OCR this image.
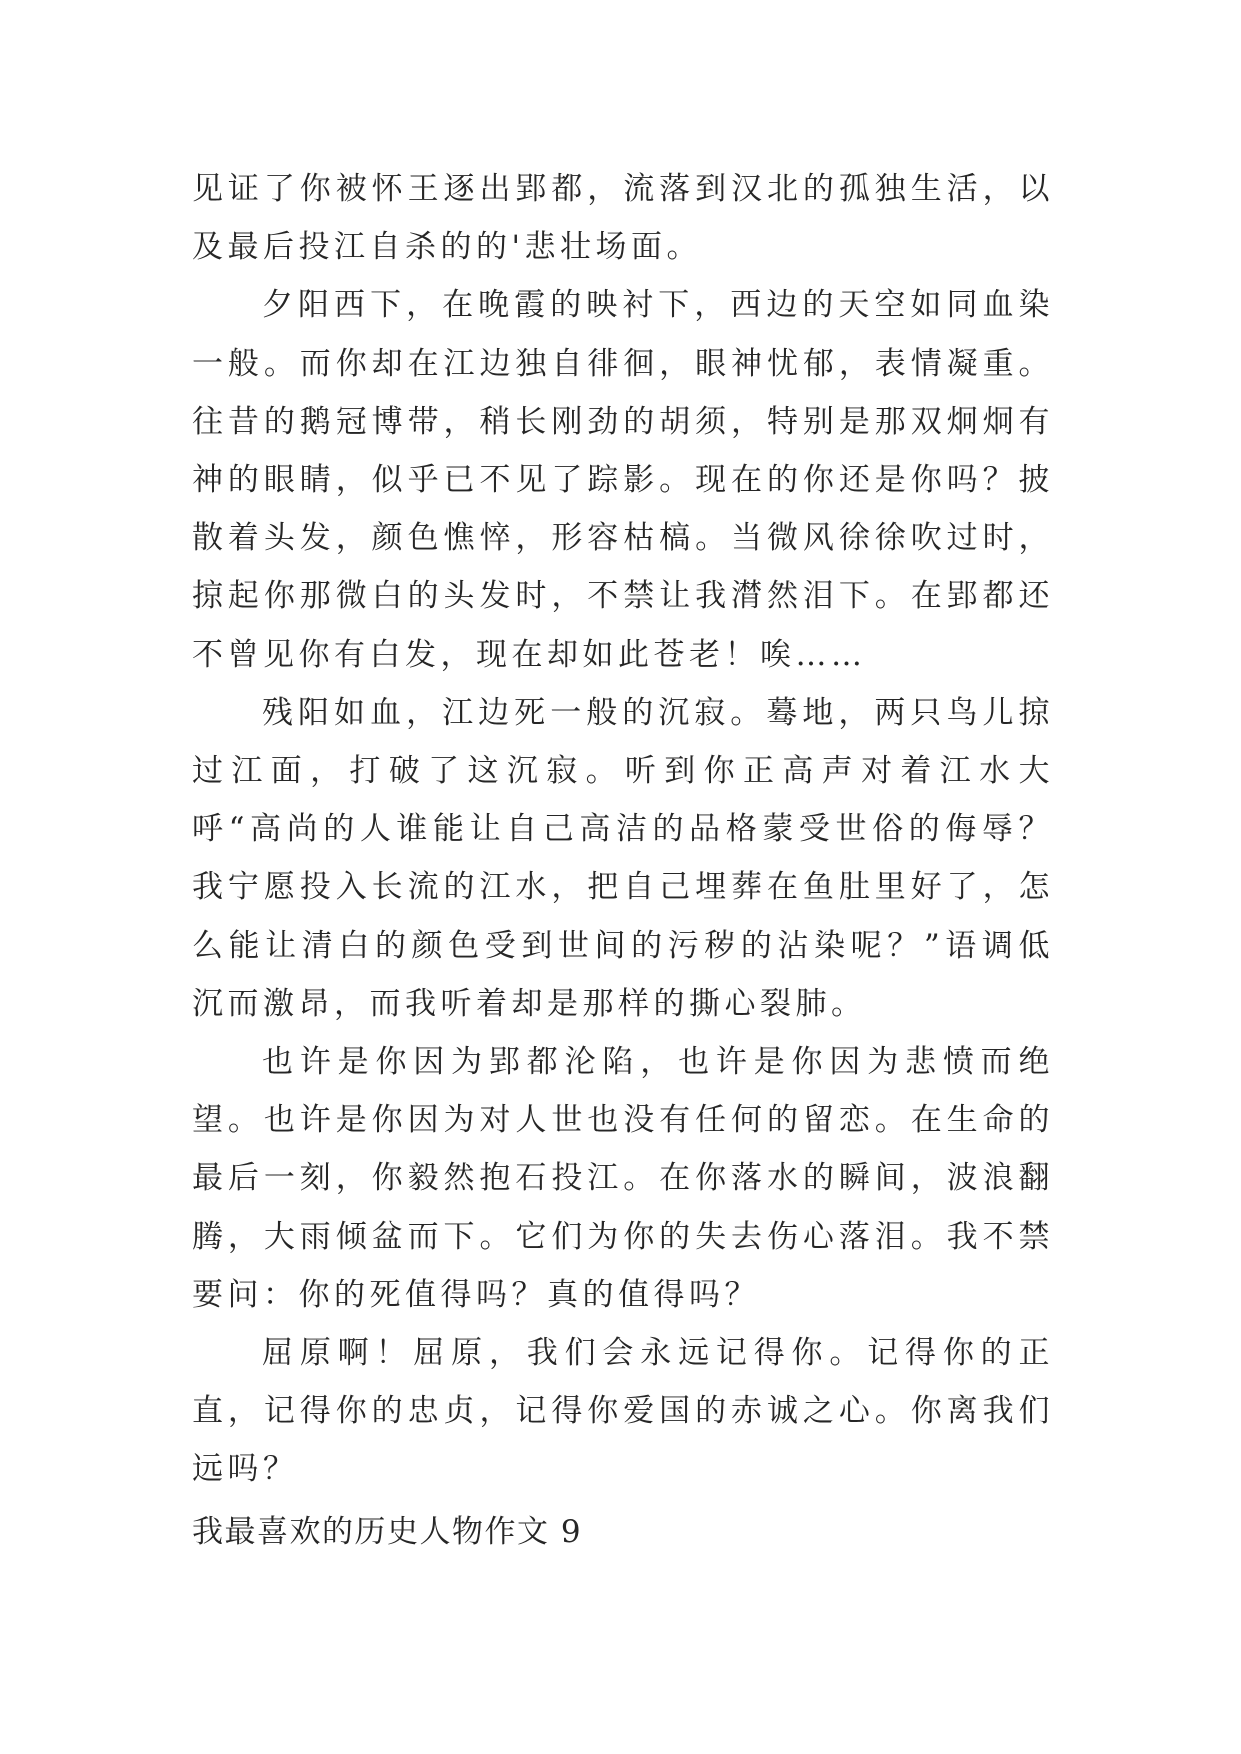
见证了你被怀王逐出郢都，流落到汉北的孤独生活，以及最后投江自杀的的'悲壮场面。

夕阳西下，在晚霞的映衬下，西边的天空如同血染一般。而你却在江边独自徘徊，眼神忧郁，表情凝重。往昔的鹅冠博带，稍长刚劲的胡须，特别是那双炯炯有神的眼睛，似乎已不见了踪影。现在的你还是你吗？披散着头发，颜色憔悴，形容枯槁。当微风徐徐吹过时，掠起你那微白的头发时，不禁让我潸然泪下。在郢都还不曾见你有白发，现在却如此苍老！唉……

残阳如血，江边死一般的沉寂。蓦地，两只鸟儿掠过江面，打破了这沉寂。听到你正高声对着江水大呼“高尚的人谁能让自己高洁的品格蒙受世俗的侮辱？我宁愿投入长流的江水，把自己埋葬在鱼肚里好了，怎么能让清白的颜色受到世间的污秽的沾染呢？”语调低沉而激昂，而我听着却是那样的撕心裂肺。

也许是你因为郢都沦陷，也许是你因为悲愤而绝望。也许是你因为对人世也没有任何的留恋。在生命的最后一刻，你毅然抱石投江。在你落水的瞬间，波浪翻腾，大雨倾盆而下。它们为你的失去伤心落泪。我不禁要问：你的死值得吗？真的值得吗？

屈原啊！屈原，我们会永远记得你。记得你的正直，记得你的忠贞，记得你爱国的赤诚之心。你离我们远吗？

我最喜欢的历史人物作文 9
